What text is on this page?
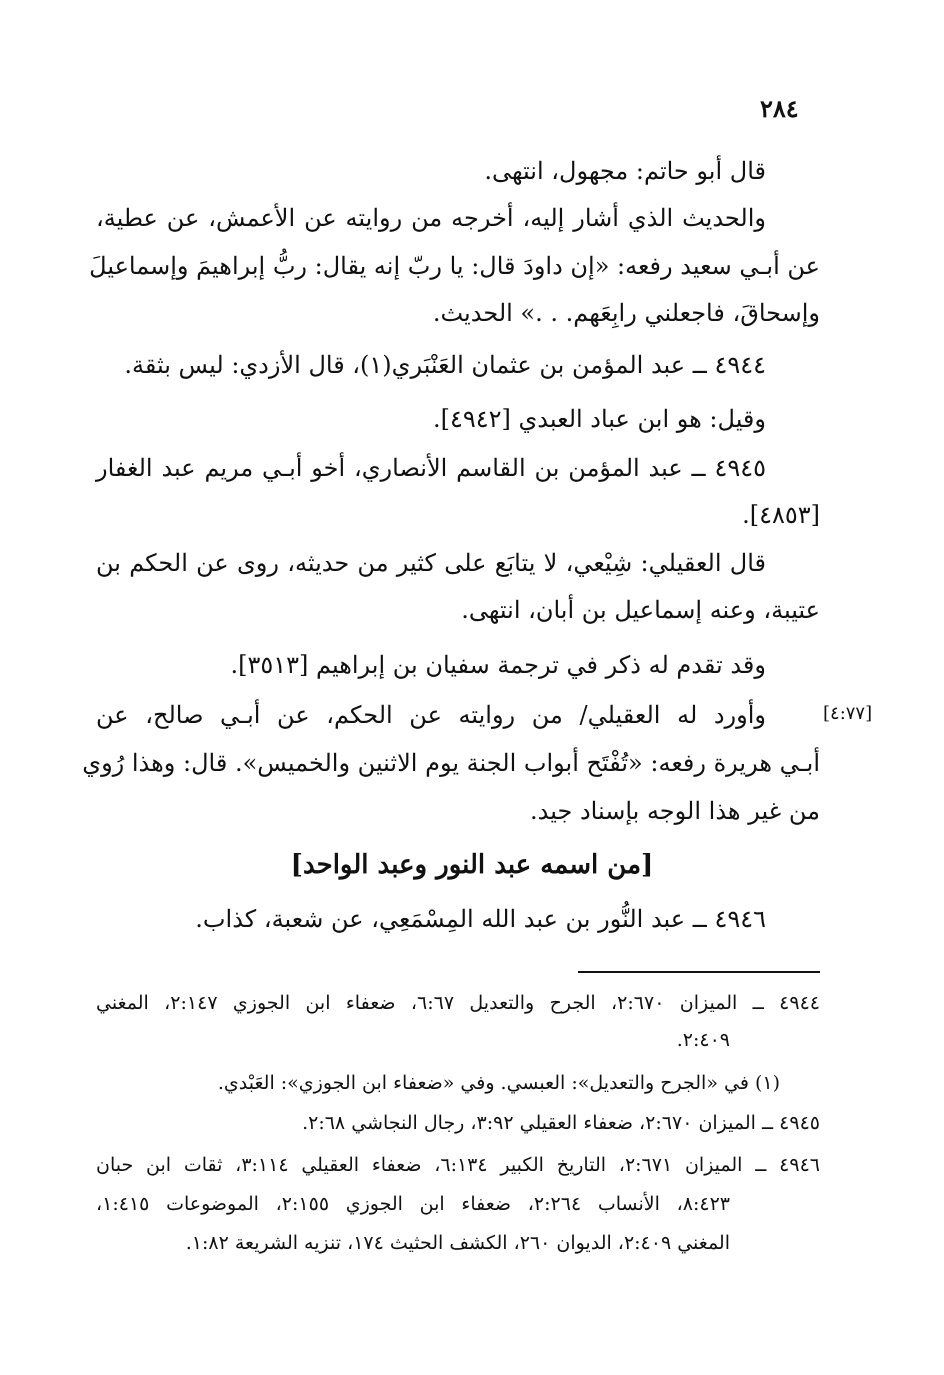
٢٨٤
قال أبو حاتم: مجهول، انتهى.
والحديث الذي أشار إليه، أخرجه من روايته عن الأعمش، عن عطية،
عن أبـي سعيد رفعه: «إن داودَ قال: يا ربّ إنه يقال: ربُّ إبراهيمَ وإسماعيلَ
وإسحاقَ، فاجعلني رابِعَهم. . .» الحديث.
٤٩٤٤ ــ عبد المؤمن بن عثمان العَنْبَري(١)، قال الأزدي: ليس بثقة.
وقيل: هو ابن عباد العبدي [٤٩٤٢].
٤٩٤٥ ــ عبد المؤمن بن القاسم الأنصاري، أخو أبـي مريم عبد الغفار
[٤٨٥٣].
قال العقيلي: شِيْعي، لا يتابَع على كثير من حديثه، روى عن الحكم بن
عتيبة، وعنه إسماعيل بن أبان، انتهى.
وقد تقدم له ذكر في ترجمة سفيان بن إبراهيم [٣٥١٣].
وأورد له العقيلي/ من روايته عن الحكم، عن أبـي صالح، عن
أبـي هريرة رفعه: «تُفْتَح أبواب الجنة يوم الاثنين والخميس». قال: وهذا رُوي
من غير هذا الوجه بإسناد جيد.
[٤:٧٧]
[من اسمه عبد النور وعبد الواحد]
٤٩٤٦ ــ عبد النُّور بن عبد الله المِسْمَعِي، عن شعبة، كذاب.
٤٩٤٤ ــ الميزان ٢:٦٧٠، الجرح والتعديل ٦:٦٧، ضعفاء ابن الجوزي ٢:١٤٧، المغني
٢:٤٠٩.
(١) في «الجرح والتعديل»: العبسي. وفي «ضعفاء ابن الجوزي»: العَبْدي.
٤٩٤٥ ــ الميزان ٢:٦٧٠، ضعفاء العقيلي ٣:٩٢، رجال النجاشي ٢:٦٨.
٤٩٤٦ ــ الميزان ٢:٦٧١، التاريخ الكبير ٦:١٣٤، ضعفاء العقيلي ٣:١١٤، ثقات ابن حبان
٨:٤٢٣، الأنساب ٢:٢٦٤، ضعفاء ابن الجوزي ٢:١٥٥، الموضوعات ١:٤١٥،
المغني ٢:٤٠٩، الديوان ٢٦٠، الكشف الحثيث ١٧٤، تنزيه الشريعة ١:٨٢.
